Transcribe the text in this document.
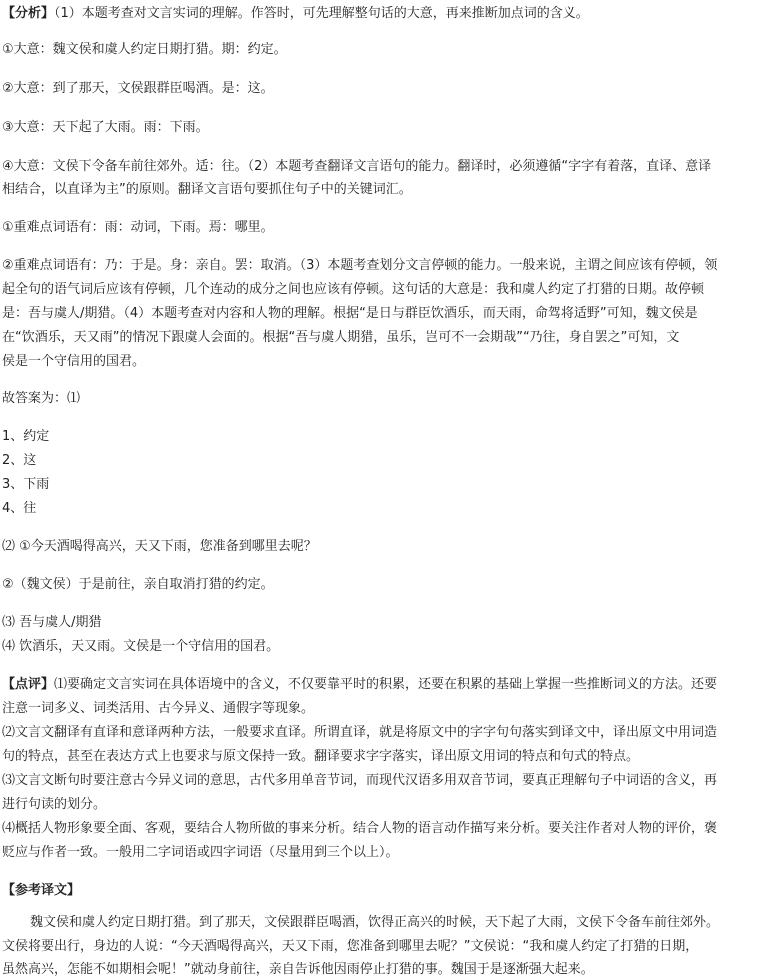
【分析】（1）本题考查对文言实词的理解。作答时，可先理解整句话的大意，再来推断加点词的含义。
①大意：魏文侯和虞人约定日期打猎。期：约定。
②大意：到了那天，文侯跟群臣喝酒。是：这。
③大意：天下起了大雨。雨：下雨。
④大意：文侯下令备车前往郊外。适：往。（2）本题考查翻译文言语句的能力。翻译时，必须遵循“字字有着落，直译、意译
相结合，以直译为主”的原则。翻译文言语句要抓住句子中的关键词汇。
①重难点词语有：雨：动词，下雨。焉：哪里。
②重难点词语有：乃：于是。身：亲自。罢：取消。（3）本题考查划分文言停顿的能力。一般来说，主谓之间应该有停顿，领
起全句的语气词后应该有停顿，几个连动的成分之间也应该有停顿。这句话的大意是：我和虞人约定了打猎的日期。故停顿
是：吾与虞人/期猎。（4）本题考查对内容和人物的理解。根据“是日与群臣饮酒乐，而天雨，命驾将适野”可知，魏文侯是
在“饮酒乐，天又雨”的情况下跟虞人会面的。根据“吾与虞人期猎，虽乐，岂可不一会期哉”“乃往，身自罢之”可知，文
侯是一个守信用的国君。
故答案为：⑴
1、约定
2、这
3、下雨
4、往
⑵ ①今天酒喝得高兴，天又下雨，您准备到哪里去呢？
②（魏文侯）于是前往，亲自取消打猎的约定。
⑶ 吾与虞人/期猎
⑷ 饮酒乐，天又雨。文侯是一个守信用的国君。
【点评】⑴要确定文言实词在具体语境中的含义，不仅要靠平时的积累，还要在积累的基础上掌握一些推断词义的方法。还要
注意一词多义、词类活用、古今异义、通假字等现象。
⑵文言文翻译有直译和意译两种方法，一般要求直译。所谓直译，就是将原文中的字字句句落实到译文中，译出原文中用词造
句的特点，甚至在表达方式上也要求与原文保持一致。翻译要求字字落实，译出原文用词的特点和句式的特点。
⑶文言文断句时要注意古今异义词的意思，古代多用单音节词，而现代汉语多用双音节词，要真正理解句子中词语的含义，再
进行句读的划分。
⑷概括人物形象要全面、客观，要结合人物所做的事来分析。结合人物的语言动作描写来分析。要关注作者对人物的评价，褒
贬应与作者一致。一般用二字词语或四字词语（尽量用到三个以上）。
【参考译文】
魏文侯和虞人约定日期打猎。到了那天，文侯跟群臣喝酒，饮得正高兴的时候，天下起了大雨，文侯下令备车前往郊外。
文侯将要出行，身边的人说：“今天酒喝得高兴，天又下雨，您准备到哪里去呢？”文侯说：“我和虞人约定了打猎的日期，
虽然高兴，怎能不如期相会呢！”就动身前往，亲自告诉他因雨停止打猎的事。魏国于是逐渐强大起来。
